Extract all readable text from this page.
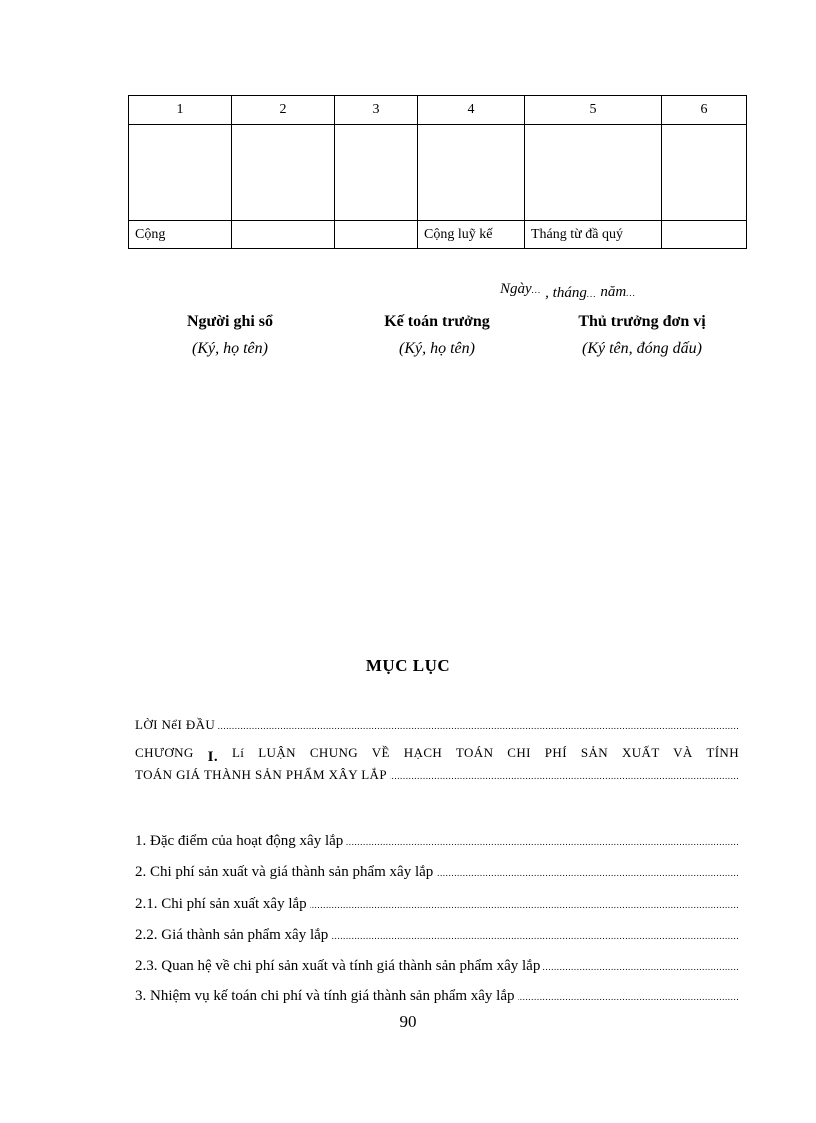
1	2	3	4	5	6

Cộng			Cộng luỹ kế	Tháng từ đầ quý	
Ngày... , tháng... năm...
Người ghi sổ
(Ký, họ tên)
Kế toán trưởng
(Ký, họ tên)
Thủ trưởng đơn vị
(Ký tên, đóng dấu)
MỤC LỤC
LỜI NểI ĐẦU .....
CHƯƠNG I. Lí LUẬN CHUNG VỀ HẠCH TOÁN CHI PHÍ SẢN XUẤT VÀ TÍNH
TOÁN GIÁ THÀNH SẢN PHẨM XÂY LẮP .....
1. Đặc điểm của hoạt động xây lắp .....
2. Chi phí sản xuất và giá thành sản phẩm xây lắp .....
2.1. Chi phí sản xuất xây lắp .....
2.2. Giá thành sản phẩm xây lắp .....
2.3. Quan hệ về chi phí sản xuất và tính giá thành sản phẩm xây lắp .....
3. Nhiệm vụ kế toán chi phí và tính giá thành sản phẩm xây lắp .....
90
